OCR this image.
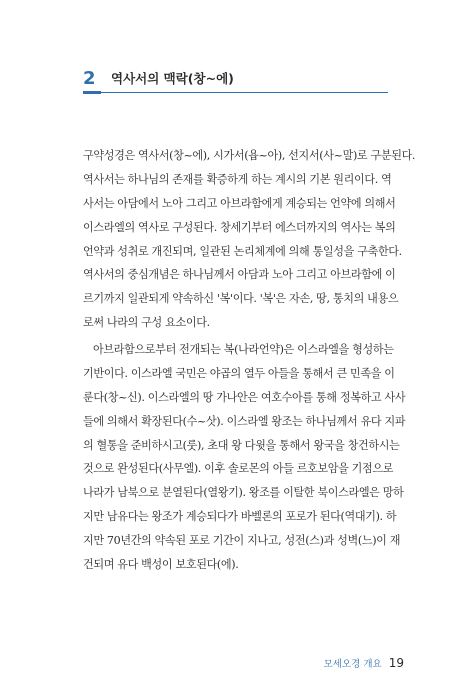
2 역사서의 맥락(창~에)
구약성경은 역사서(창~에), 시가서(욥~아), 선지서(사~말)로 구분된다.
역사서는 하나님의 존재를 확증하게 하는 계시의 기본 원리이다. 역
사서는 아담에서 노아 그리고 아브라함에게 계승되는 언약에 의해서
이스라엘의 역사로 구성된다. 창세기부터 에스더까지의 역사는 복의
언약과 성취로 개진되며, 일관된 논리체계에 의해 통일성을 구축한다.
역사서의 중심개념은 하나님께서 아담과 노아 그리고 아브라함에 이
르기까지 일관되게 약속하신 '복'이다. '복'은 자손, 땅, 통치의 내용으
로써 나라의 구성 요소이다.
아브라함으로부터 전개되는 복(나라언약)은 이스라엘을 형성하는
기반이다. 이스라엘 국민은 야곱의 열두 아들을 통해서 큰 민족을 이
룬다(창~신). 이스라엘의 땅 가나안은 여호수아를 통해 정복하고 사사
들에 의해서 확장된다(수~삿). 이스라엘 왕조는 하나님께서 유다 지파
의 혈통을 준비하시고(룻), 초대 왕 다윗을 통해서 왕국을 창건하시는
것으로 완성된다(사무엘). 이후 솔로몬의 아들 르호보암을 기점으로
나라가 남북으로 분열된다(열왕기). 왕조를 이탈한 북이스라엘은 망하
지만 남유다는 왕조가 계승되다가 바벨론의 포로가 된다(역대기). 하
지만 70년간의 약속된 포로 기간이 지나고, 성전(스)과 성벽(느)이 재
건되며 유다 백성이 보호된다(에).
모세오경 개요 19
